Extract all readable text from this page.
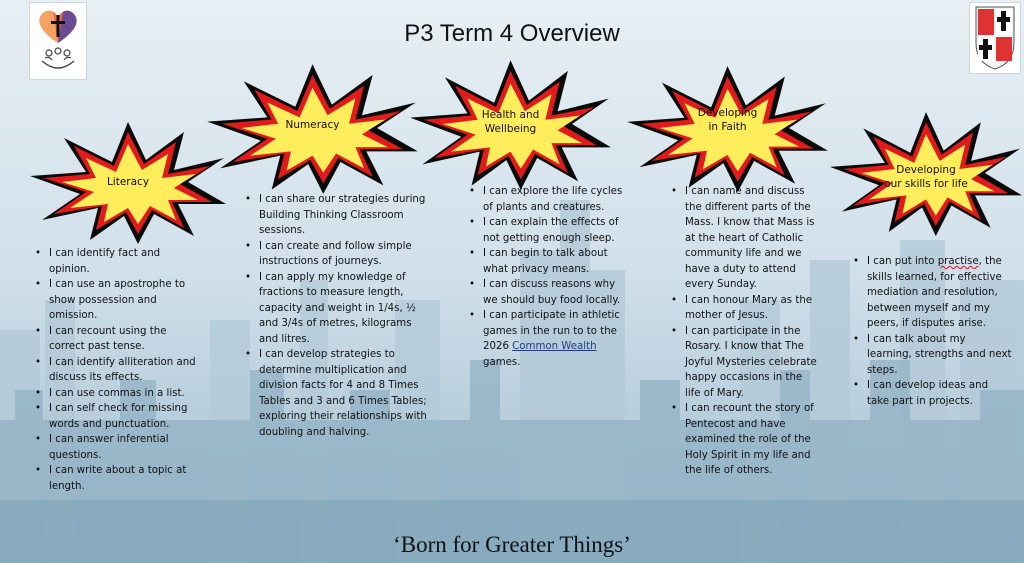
P3 Term 4 Overview
Literacy
Numeracy
Health and
Wellbeing
Developing
in Faith
Developing
our skills for life
• I can identify fact and opinion.
• I can use an apostrophe to show possession and omission.
• I can recount using the correct past tense.
• I can identify alliteration and discuss its effects.
• I can use commas in a list.
• I can self check for missing words and punctuation.
• I can answer inferential questions.
• I can write about a topic at length.
• I can share our strategies during Building Thinking Classroom sessions.
• I can create and follow simple instructions of journeys.
• I can apply my knowledge of fractions to measure length, capacity and weight in 1/4s, ½ and 3/4s of metres, kilograms and litres.
• I can develop strategies to determine multiplication and division facts for 4 and 8 Times Tables and 3 and 6 Times Tables; exploring their relationships with doubling and halving.
• I can explore the life cycles of plants and creatures.
• I can explain the effects of not getting enough sleep.
• I can begin to talk about what privacy means.
• I can discuss reasons why we should buy food locally.
• I can participate in athletic games in the run to to the 2026 Common Wealth games.
• I can name and discuss the different parts of the Mass. I know that Mass is at the heart of Catholic community life and we have a duty to attend every Sunday.
• I can honour Mary as the mother of Jesus.
• I can participate in the Rosary. I know that The Joyful Mysteries celebrate happy occasions in the life of Mary.
• I can recount the story of Pentecost and have examined the role of the Holy Spirit in my life and the life of others.
• I can put into practise, the skills learned, for effective mediation and resolution, between myself and my peers, if disputes arise.
• I can talk about my learning, strengths and next steps.
• I can develop ideas and take part in projects.
‘Born for Greater Things’
